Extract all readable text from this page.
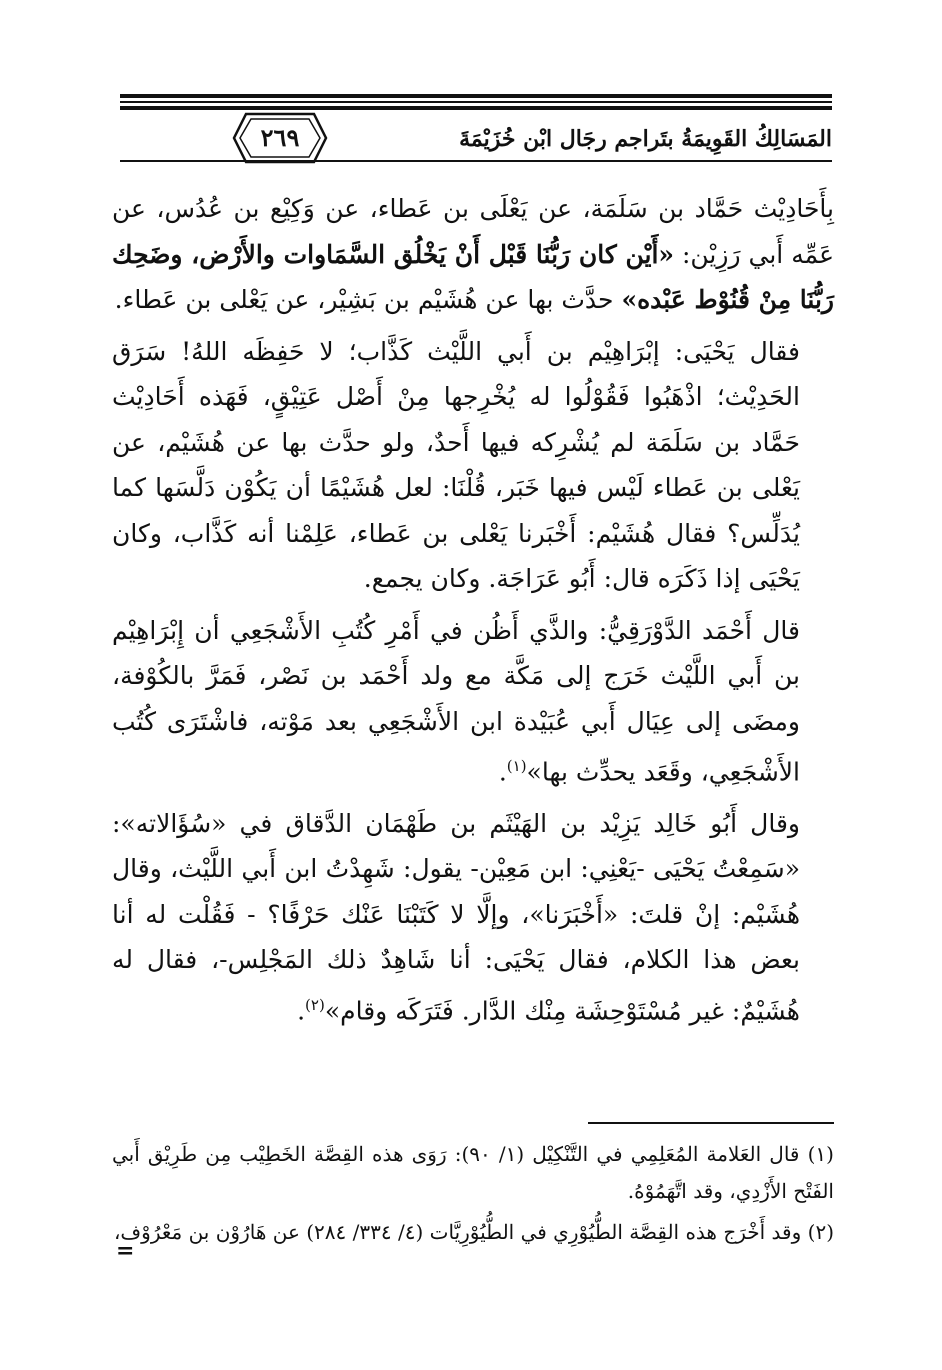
٢٦٩	المَسَالِكُ القَوِيمَةُ بتَراجم رجَال ابْن خُزَيْمَةَ

بِأَحَادِيْث حَمَّاد بن سَلَمَة، عن يَعْلَى بن عَطاء، عن وَكِيْع بن عُدُس، عن عَمِّه أَبي رَزِيْن: «أَيْن كان رَبُّنَا قَبْل أَنْ يَخْلُق السَّمَاوات والأَرْض، وضَحِك رَبُّنَا مِنْ قُنُوْط عَبْده» حدَّث بها عن هُشَيْم بن بَشِيْر، عن يَعْلى بن عَطاء.

فقال يَحْيَى: إبْرَاهِيْم بن أَبي اللَّيْث كَذَّاب؛ لا حَفِظَه اللهُ! سَرَق الحَدِيْث؛ اذْهَبُوا فَقُوْلُوا له يُخْرِجها مِنْ أَصْل عَتِيْقٍ، فَهَذه أَحَادِيْث حَمَّاد بن سَلَمَة لم يُشْرِكه فيها أَحدٌ، ولو حدَّث بها عن هُشَيْم، عن يَعْلى بن عَطاء لَيْس فيها خَبَر، قُلْنَا: لعل هُشَيْمًا أن يَكُوْن دَلَّسَها كما يُدَلِّس؟ فقال هُشَيْم: أَخْبَرنا يَعْلى بن عَطاء، عَلِمْنا أنه كَذَّاب، وكان يَحْيَى إذا ذَكَرَه قال: أَبُو عَرَاجَة. وكان يجمع.

قال أَحْمَد الدَّوْرَقِيُّ: والذَّي أَظُن في أَمْرِ كُتُبِ الأَشْجَعِي أن إِبْرَاهِيْم بن أَبي اللَّيْث خَرَج إلى مَكَّة مع ولد أَحْمَد بن نَصْر، فَمَرَّ بالكُوْفة، ومضَى إلى عِيَال أَبي عُبَيْدة ابن الأَشْجَعِي بعد مَوْته، فاشْتَرَى كُتُب الأَشْجَعِي، وقَعَد يحدِّث بها»$^{(١)}$.

وقال أَبُو خَالِد يَزِيْد بن الهَيْثَم بن طَهْمَان الدَّقاق في «سُؤَالاته»: «سَمِعْتُ يَحْيَى -يَعْنِي: ابن مَعِيْن- يقول: شَهِدْتُ ابن أَبي اللَّيْث، وقال هُشَيْم: إنْ قلتَ: «أَخْبَرَنا»، وإلَّا لا كَتَبْنَا عَنْك حَرْفًا؟ - فَقُلْت له أنا بعض هذا الكلام، فقال يَحْيَى: أنا شَاهِدٌ ذلك المَجْلِس-، فقال له هُشَيْمٌ: غير مُسْتَوْحِشَة مِنْك الدَّار. فَتَرَكَه وقام»$^{(٢)}$.

(١) قال العَلامة المُعَلِمِي في التَّنْكِيْل (١/ ٩٠): رَوَى هذه القِصَّة الخَطِيْب مِن طَرِيْق أَبي الفَتْح الأَزْدِي، وقد اتَّهَمُوْهُ.

(٢) وقد أَخْرَج هذه القِصَّة الطُّيُوْرِي في الطُّيُوْرِيَّات (٤/ ٣٣٤/ ٢٨٤) عن هَارُوْن بن مَعْرُوْف،

=
